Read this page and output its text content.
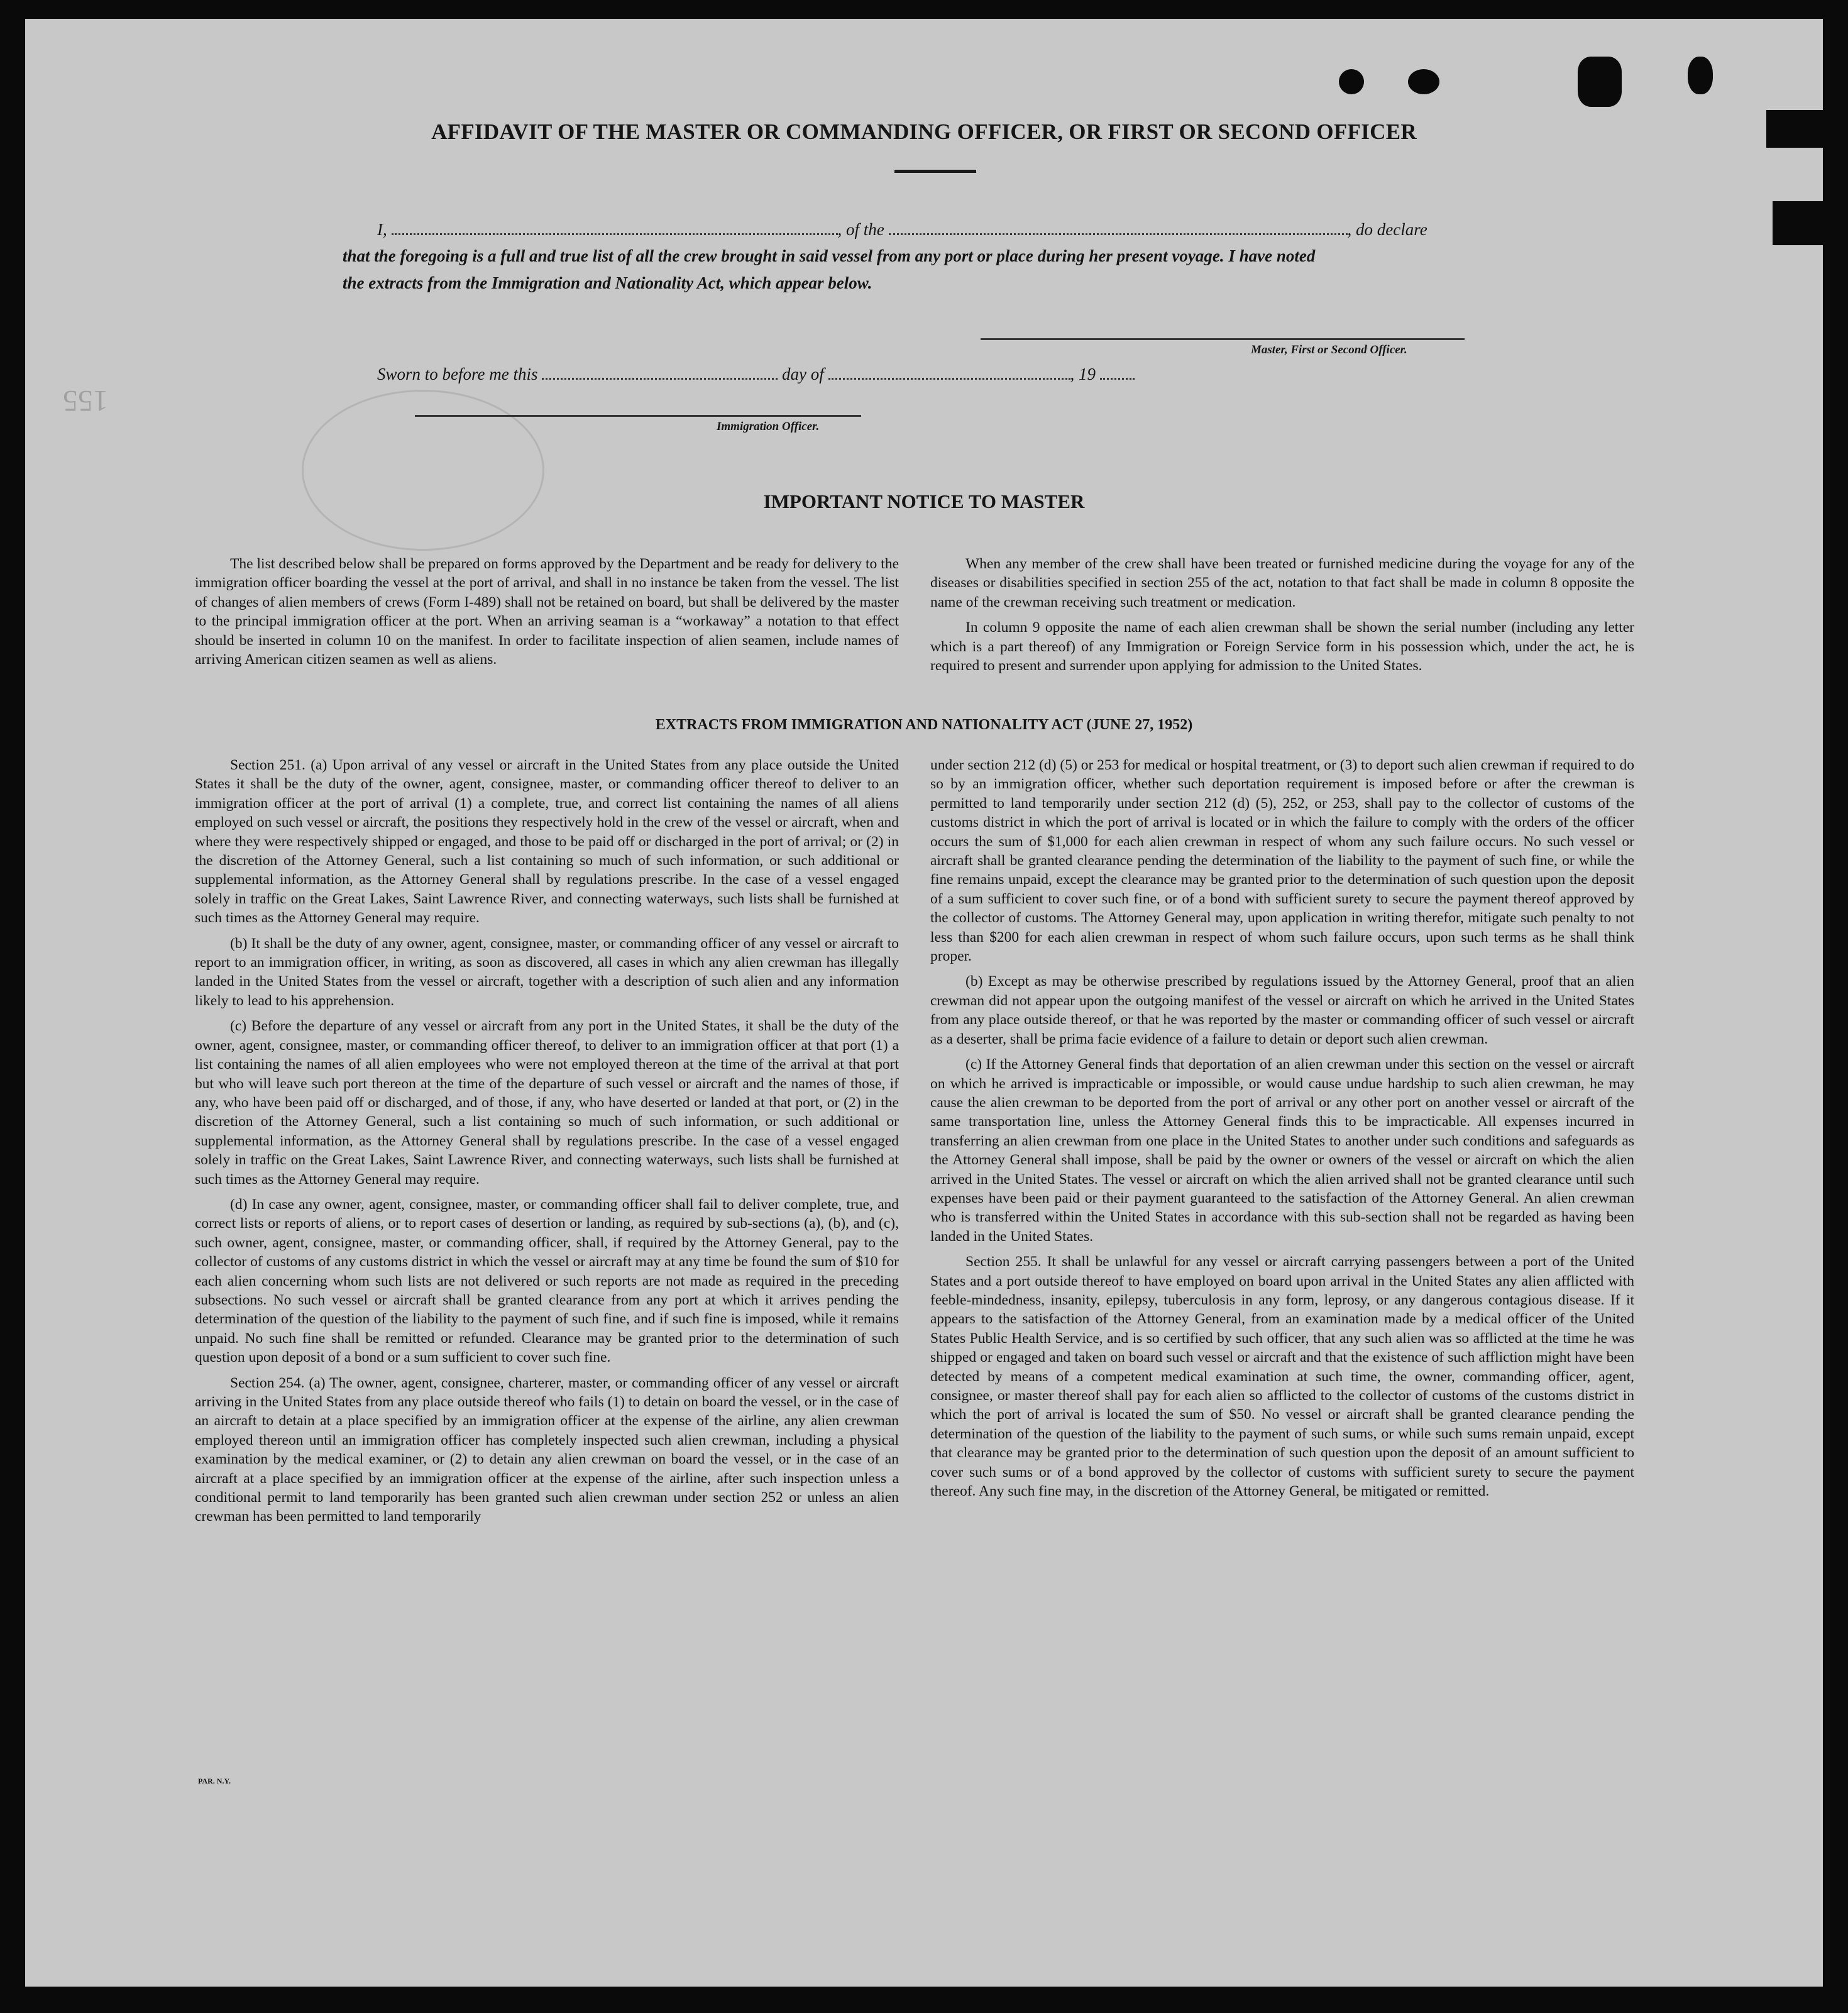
155
AFFIDAVIT OF THE MASTER OR COMMANDING OFFICER, OR FIRST OR SECOND OFFICER
I,	, of the	, do declare
that the foregoing is a full and true list of all the crew brought in said vessel from any port or place during her present voyage. I have noted
the extracts from the Immigration and Nationality Act, which appear below.
Master, First or Second Officer.
Sworn to before me this	day of	, 19
Immigration Officer.
IMPORTANT NOTICE TO MASTER

The list described below shall be prepared on forms approved by the Department and be ready for delivery to the immigration officer boarding the vessel at the port of arrival, and shall in no instance be taken from the vessel. The list of changes of alien members of crews (Form I-489) shall not be retained on board, but shall be delivered by the master to the principal immigration officer at the port. When an arriving seaman is a “workaway” a notation to that effect should be inserted in column 10 on the manifest. In order to facilitate inspection of alien seamen, include names of arriving American citizen seamen as well as aliens.

When any member of the crew shall have been treated or furnished medicine during the voyage for any of the diseases or disabilities specified in section 255 of the act, notation to that fact shall be made in column 8 opposite the name of the crewman receiving such treatment or medication.

In column 9 opposite the name of each alien crewman shall be shown the serial number (including any letter which is a part thereof) of any Immigration or Foreign Service form in his possession which, under the act, he is required to present and surrender upon applying for admission to the United States.

EXTRACTS FROM IMMIGRATION AND NATIONALITY ACT (JUNE 27, 1952)

Section 251. (a) Upon arrival of any vessel or aircraft in the United States from any place outside the United States it shall be the duty of the owner, agent, consignee, master, or commanding officer thereof to deliver to an immigration officer at the port of arrival (1) a complete, true, and correct list containing the names of all aliens employed on such vessel or aircraft, the positions they respectively hold in the crew of the vessel or aircraft, when and where they were respectively shipped or engaged, and those to be paid off or discharged in the port of arrival; or (2) in the discretion of the Attorney General, such a list containing so much of such information, or such additional or supplemental information, as the Attorney General shall by regulations prescribe. In the case of a vessel engaged solely in traffic on the Great Lakes, Saint Lawrence River, and connecting waterways, such lists shall be furnished at such times as the Attorney General may require.

(b) It shall be the duty of any owner, agent, consignee, master, or commanding officer of any vessel or aircraft to report to an immigration officer, in writing, as soon as discovered, all cases in which any alien crewman has illegally landed in the United States from the vessel or aircraft, together with a description of such alien and any information likely to lead to his apprehension.

(c) Before the departure of any vessel or aircraft from any port in the United States, it shall be the duty of the owner, agent, consignee, master, or commanding officer thereof, to deliver to an immigration officer at that port (1) a list containing the names of all alien employees who were not employed thereon at the time of the arrival at that port but who will leave such port thereon at the time of the departure of such vessel or aircraft and the names of those, if any, who have been paid off or discharged, and of those, if any, who have deserted or landed at that port, or (2) in the discretion of the Attorney General, such a list containing so much of such information, or such additional or supplemental information, as the Attorney General shall by regulations prescribe. In the case of a vessel engaged solely in traffic on the Great Lakes, Saint Lawrence River, and connecting waterways, such lists shall be furnished at such times as the Attorney General may require.

(d) In case any owner, agent, consignee, master, or commanding officer shall fail to deliver complete, true, and correct lists or reports of aliens, or to report cases of desertion or landing, as required by sub-sections (a), (b), and (c), such owner, agent, consignee, master, or commanding officer, shall, if required by the Attorney General, pay to the collector of customs of any customs district in which the vessel or aircraft may at any time be found the sum of $10 for each alien concerning whom such lists are not delivered or such reports are not made as required in the preceding subsections. No such vessel or aircraft shall be granted clearance from any port at which it arrives pending the determination of the question of the liability to the payment of such fine, and if such fine is imposed, while it remains unpaid. No such fine shall be remitted or refunded. Clearance may be granted prior to the determination of such question upon deposit of a bond or a sum sufficient to cover such fine.

Section 254. (a) The owner, agent, consignee, charterer, master, or commanding officer of any vessel or aircraft arriving in the United States from any place outside thereof who fails (1) to detain on board the vessel, or in the case of an aircraft to detain at a place specified by an immigration officer at the expense of the airline, any alien crewman employed thereon until an immigration officer has completely inspected such alien crewman, including a physical examination by the medical examiner, or (2) to detain any alien crewman on board the vessel, or in the case of an aircraft at a place specified by an immigration officer at the expense of the airline, after such inspection unless a conditional permit to land temporarily has been granted such alien crewman under section 252 or unless an alien crewman has been permitted to land temporarily

under section 212 (d) (5) or 253 for medical or hospital treatment, or (3) to deport such alien crewman if required to do so by an immigration officer, whether such deportation requirement is imposed before or after the crewman is permitted to land temporarily under section 212 (d) (5), 252, or 253, shall pay to the collector of customs of the customs district in which the port of arrival is located or in which the failure to comply with the orders of the officer occurs the sum of $1,000 for each alien crewman in respect of whom any such failure occurs. No such vessel or aircraft shall be granted clearance pending the determination of the liability to the payment of such fine, or while the fine remains unpaid, except the clearance may be granted prior to the determination of such question upon the deposit of a sum sufficient to cover such fine, or of a bond with sufficient surety to secure the payment thereof approved by the collector of customs. The Attorney General may, upon application in writing therefor, mitigate such penalty to not less than $200 for each alien crewman in respect of whom such failure occurs, upon such terms as he shall think proper.

(b) Except as may be otherwise prescribed by regulations issued by the Attorney General, proof that an alien crewman did not appear upon the outgoing manifest of the vessel or aircraft on which he arrived in the United States from any place outside thereof, or that he was reported by the master or commanding officer of such vessel or aircraft as a deserter, shall be prima facie evidence of a failure to detain or deport such alien crewman.

(c) If the Attorney General finds that deportation of an alien crewman under this section on the vessel or aircraft on which he arrived is impracticable or impossible, or would cause undue hardship to such alien crewman, he may cause the alien crewman to be deported from the port of arrival or any other port on another vessel or aircraft of the same transportation line, unless the Attorney General finds this to be impracticable. All expenses incurred in transferring an alien crewman from one place in the United States to another under such conditions and safeguards as the Attorney General shall impose, shall be paid by the owner or owners of the vessel or aircraft on which the alien arrived in the United States. The vessel or aircraft on which the alien arrived shall not be granted clearance until such expenses have been paid or their payment guaranteed to the satisfaction of the Attorney General. An alien crewman who is transferred within the United States in accordance with this sub-section shall not be regarded as having been landed in the United States.

Section 255. It shall be unlawful for any vessel or aircraft carrying passengers between a port of the United States and a port outside thereof to have employed on board upon arrival in the United States any alien afflicted with feeble-mindedness, insanity, epilepsy, tuberculosis in any form, leprosy, or any dangerous contagious disease. If it appears to the satisfaction of the Attorney General, from an examination made by a medical officer of the United States Public Health Service, and is so certified by such officer, that any such alien was so afflicted at the time he was shipped or engaged and taken on board such vessel or aircraft and that the existence of such affliction might have been detected by means of a competent medical examination at such time, the owner, commanding officer, agent, consignee, or master thereof shall pay for each alien so afflicted to the collector of customs of the customs district in which the port of arrival is located the sum of $50. No vessel or aircraft shall be granted clearance pending the determination of the question of the liability to the payment of such sums, or while such sums remain unpaid, except that clearance may be granted prior to the determination of such question upon the deposit of an amount sufficient to cover such sums or of a bond approved by the collector of customs with sufficient surety to secure the payment thereof. Any such fine may, in the discretion of the Attorney General, be mitigated or remitted.

PAR. N.Y.
